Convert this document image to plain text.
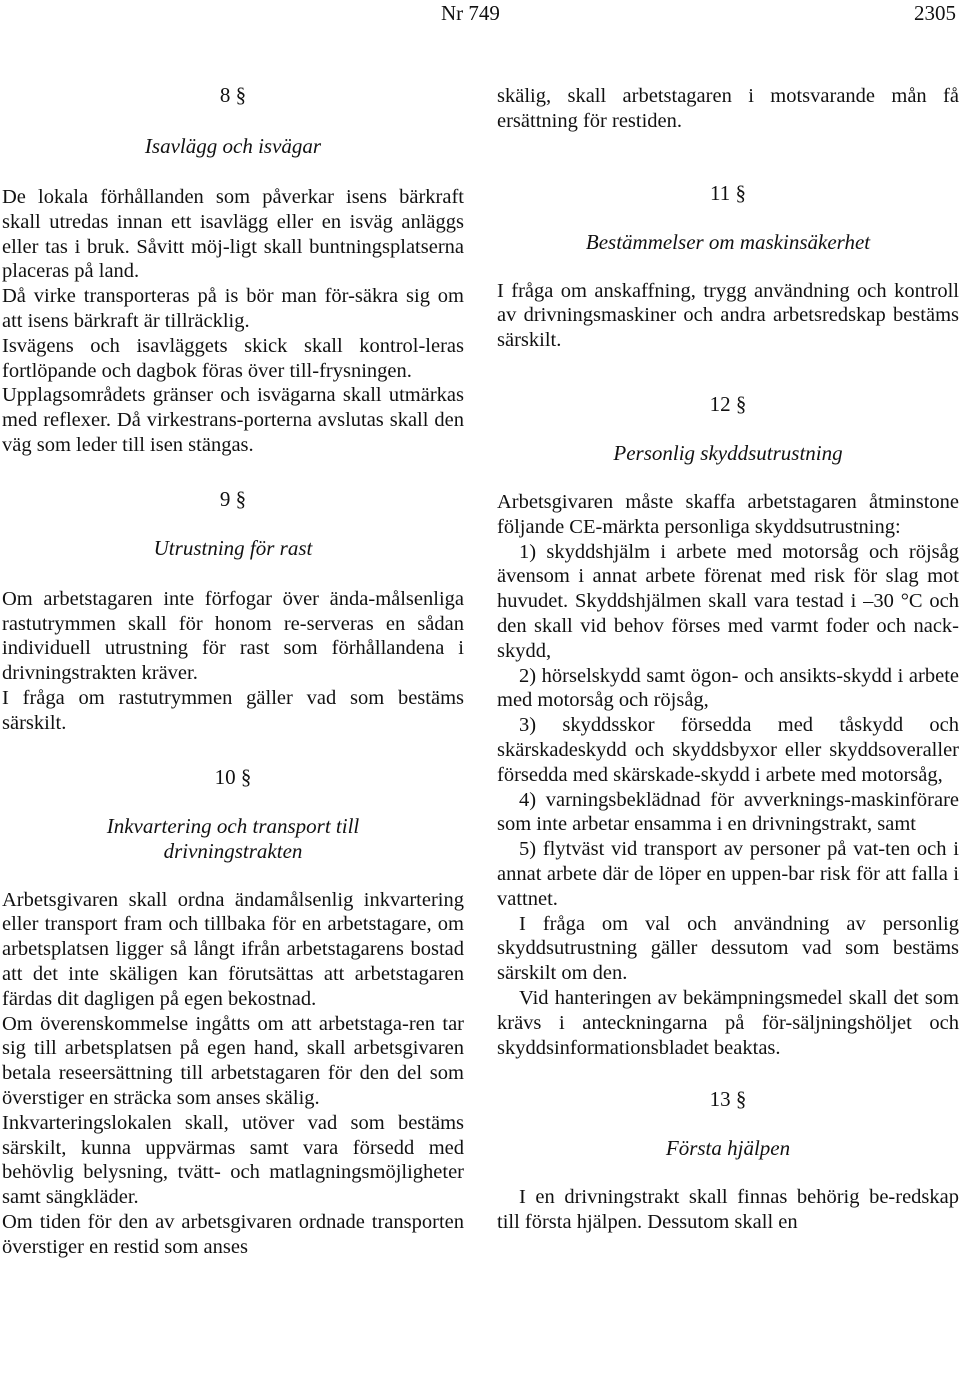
Nr 749	2305

8 §

Isavlägg och isvägar

De lokala förhållanden som påverkar isens bärkraft skall utredas innan ett isavlägg eller en isväg anläggs eller tas i bruk. Såvitt möj-ligt skall buntningsplatserna placeras på land.

Då virke transporteras på is bör man för-säkra sig om att isens bärkraft är tillräcklig.

Isvägens och isavläggets skick skall kontrol-leras fortlöpande och dagbok föras över till-frysningen.

Upplagsområdets gränser och isvägarna skall utmärkas med reflexer. Då virkestrans-porterna avslutas skall den väg som leder till isen stängas.

9 §

Utrustning för rast

Om arbetstagaren inte förfogar över ända-målsenliga rastutrymmen skall för honom re-serveras en sådan individuell utrustning för rast som förhållandena i drivningstrakten kräver.

I fråga om rastutrymmen gäller vad som bestäms särskilt.

10 §

Inkvartering och transport till

drivningstrakten

Arbetsgivaren skall ordna ändamålsenlig inkvartering eller transport fram och tillbaka för en arbetstagare, om arbetsplatsen ligger så långt ifrån arbetstagarens bostad att det inte skäligen kan förutsättas att arbetstagaren färdas dit dagligen på egen bekostnad.

Om överenskommelse ingåtts om att arbetstaga-ren tar sig till arbetsplatsen på egen hand, skall arbetsgivaren betala reseersättning till arbetstagaren för den del som överstiger en sträcka som anses skälig.

Inkvarteringslokalen skall, utöver vad som bestäms särskilt, kunna uppvärmas samt vara försedd med behövlig belysning, tvätt- och matlagningsmöjligheter samt sängkläder.

Om tiden för den av arbetsgivaren ordnade transporten överstiger en restid som anses

skälig, skall arbetstagaren i motsvarande mån få ersättning för restiden.

11 §

Bestämmelser om maskinsäkerhet

I fråga om anskaffning, trygg användning och kontroll av drivningsmaskiner och andra arbetsredskap bestäms särskilt.

12 §

Personlig skyddsutrustning

Arbetsgivaren måste skaffa arbetstagaren åtminstone följande CE-märkta personliga skyddsutrustning:

1) skyddshjälm i arbete med motorsåg och röjsåg ävensom i annat arbete förenat med risk för slag mot huvudet. Skyddshjälmen skall vara testad i –30 °C och den skall vid behov förses med varmt foder och nack-skydd,

2) hörselskydd samt ögon- och ansikts-skydd i arbete med motorsåg och röjsåg,

3) skyddsskor försedda med tåskydd och skärskadeskydd och skyddsbyxor eller skyddsoveraller försedda med skärskade-skydd i arbete med motorsåg,

4) varningsbeklädnad för avverknings-maskinförare som inte arbetar ensamma i en drivningstrakt, samt

5) flytväst vid transport av personer på vat-ten och i annat arbete där de löper en uppen-bar risk för att falla i vattnet.

I fråga om val och användning av personlig skyddsutrustning gäller dessutom vad som bestäms särskilt om den.

Vid hanteringen av bekämpningsmedel skall det som krävs i anteckningarna på för-säljningshöljet och skyddsinformationsbladet beaktas.

13 §

Första hjälpen

I en drivningstrakt skall finnas behörig be-redskap till första hjälpen. Dessutom skall en
